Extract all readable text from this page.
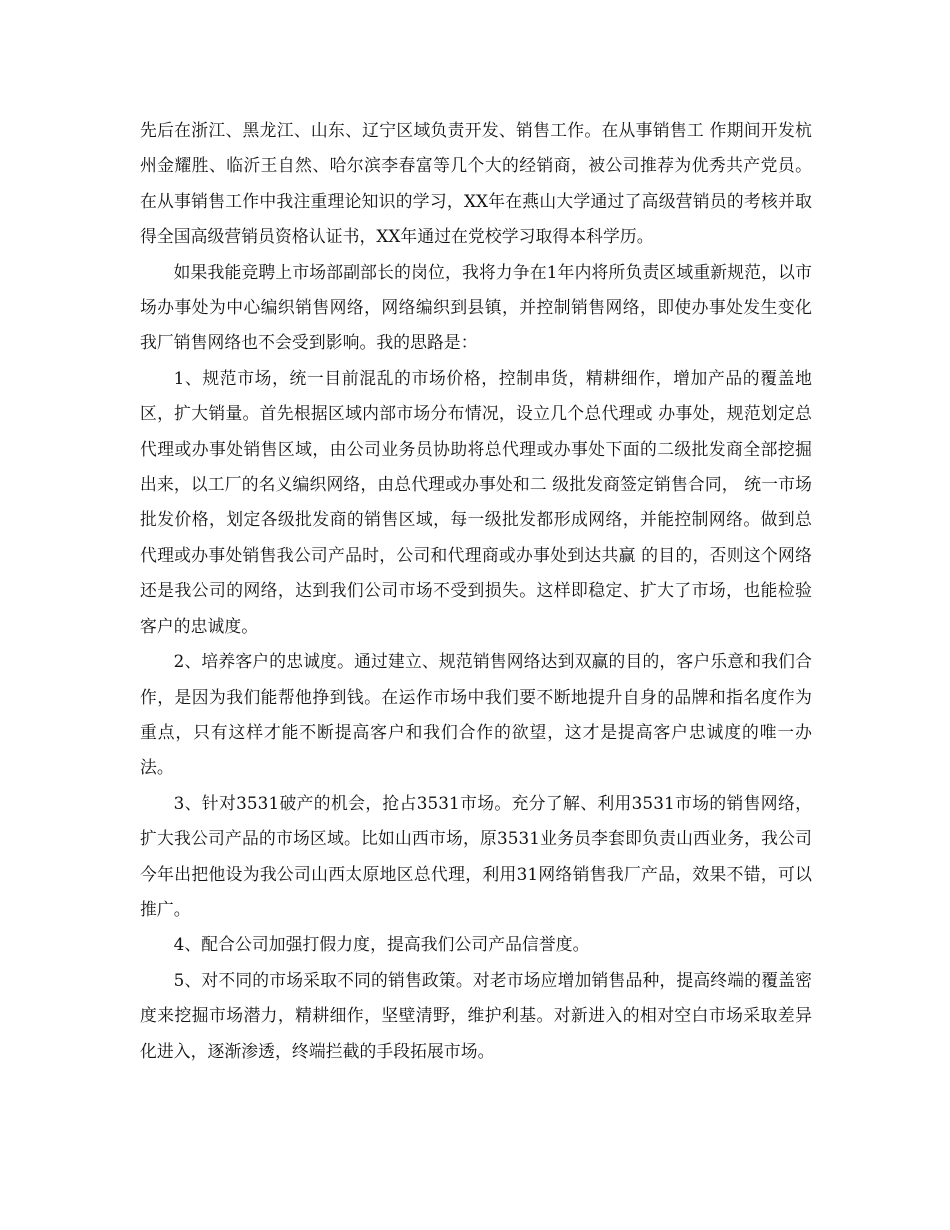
先后在浙江、黑龙江、山东、辽宁区域负责开发、销售工作。在从事销售工 作期间开发杭州金耀胜、临沂王自然、哈尔滨李春富等几个大的经销商，被公司推荐为优秀共产党员。在从事销售工作中我注重理论知识的学习，XX年在燕山大学通过了高级营销员的考核并取得全国高级营销员资格认证书，XX年通过在党校学习取得本科学历。

如果我能竞聘上市场部副部长的岗位，我将力争在1年内将所负责区域重新规范，以市场办事处为中心编织销售网络，网络编织到县镇，并控制销售网络，即使办事处发生变化我厂销售网络也不会受到影响。我的思路是：

1、规范市场，统一目前混乱的市场价格，控制串货，精耕细作，增加产品的覆盖地区，扩大销量。首先根据区域内部市场分布情况，设立几个总代理或 办事处，规范划定总代理或办事处销售区域，由公司业务员协助将总代理或办事处下面的二级批发商全部挖掘出来，以工厂的名义编织网络，由总代理或办事处和二 级批发商签定销售合同， 统一市场批发价格，划定各级批发商的销售区域，每一级批发都形成网络，并能控制网络。做到总代理或办事处销售我公司产品时，公司和代理商或办事处到达共赢 的目的，否则这个网络还是我公司的网络，达到我们公司市场不受到损失。这样即稳定、扩大了市场，也能检验客户的忠诚度。

2、培养客户的忠诚度。通过建立、规范销售网络达到双赢的目的，客户乐意和我们合作，是因为我们能帮他挣到钱。在运作市场中我们要不断地提升自身的品牌和指名度作为重点，只有这样才能不断提高客户和我们合作的欲望，这才是提高客户忠诚度的唯一办法。

3、针对3531破产的机会，抢占3531市场。充分了解、利用3531市场的销售网络，扩大我公司产品的市场区域。比如山西市场，原3531业务员李套即负责山西业务，我公司今年出把他设为我公司山西太原地区总代理，利用31网络销售我厂产品，效果不错，可以推广。

4、配合公司加强打假力度，提高我们公司产品信誉度。

5、对不同的市场采取不同的销售政策。对老市场应增加销售品种，提高终端的覆盖密度来挖掘市场潜力，精耕细作，坚壁清野，维护利基。对新进入的相对空白市场采取差异化进入，逐渐渗透，终端拦截的手段拓展市场。
